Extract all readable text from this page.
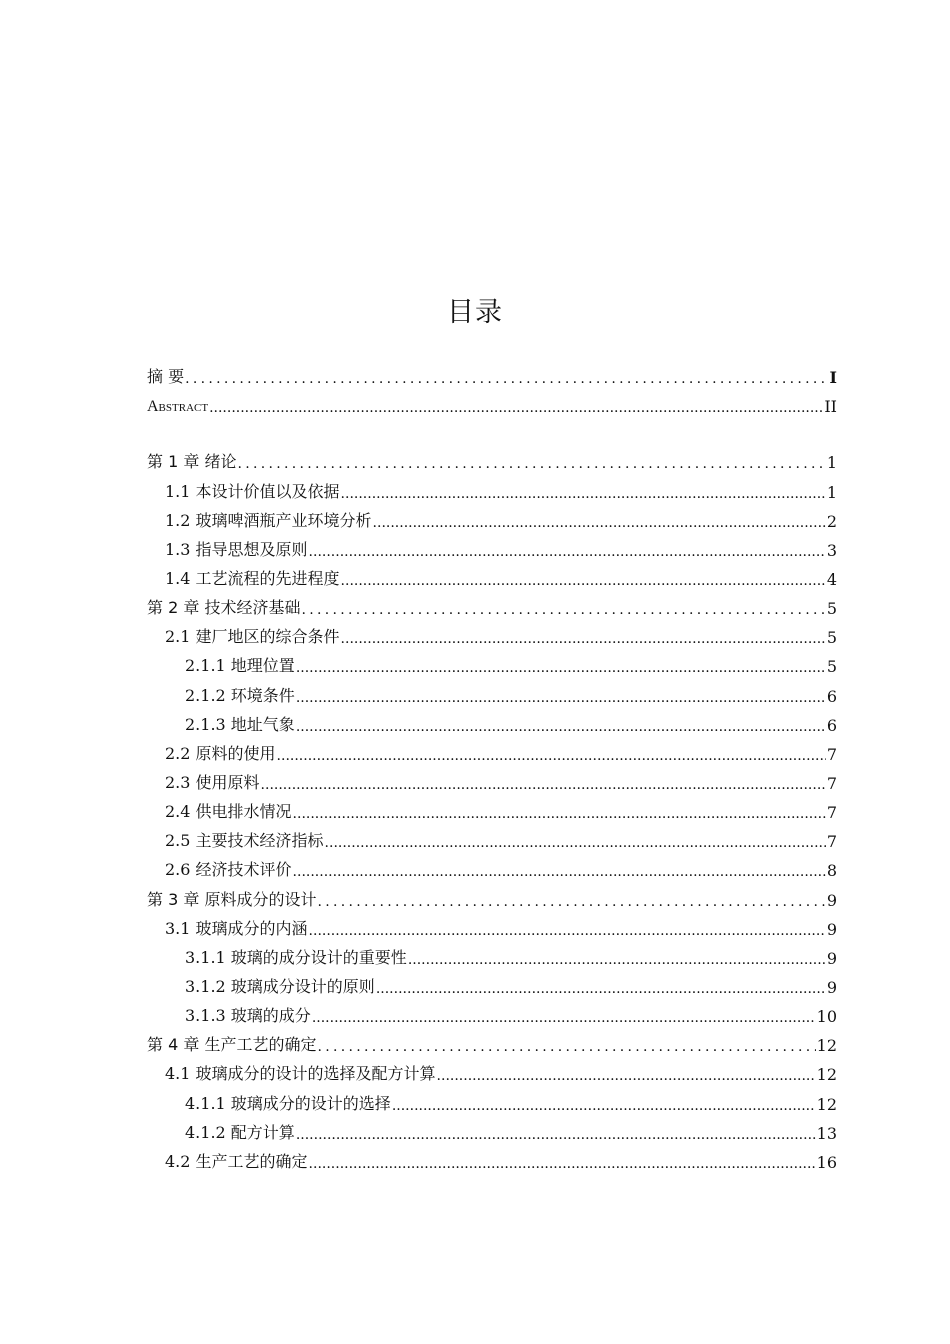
目录
摘 要 .....	I
Abstract .....	II
第 1 章 绪论 .....	1
1.1 本设计价值以及依据 .....	1
1.2 玻璃啤酒瓶产业环境分析 .....	2
1.3 指导思想及原则 .....	3
1.4 工艺流程的先进程度 .....	4
第 2 章 技术经济基础 .....	5
2.1 建厂地区的综合条件 .....	5
2.1.1 地理位置 .....	5
2.1.2 环境条件 .....	6
2.1.3 地址气象 .....	6
2.2 原料的使用 .....	7
2.3 使用原料 .....	7
2.4 供电排水情况 .....	7
2.5 主要技术经济指标 .....	7
2.6 经济技术评价 .....	8
第 3 章 原料成分的设计 .....	9
3.1 玻璃成分的内涵 .....	9
3.1.1 玻璃的成分设计的重要性 .....	9
3.1.2 玻璃成分设计的原则 .....	9
3.1.3 玻璃的成分 .....	10
第 4 章 生产工艺的确定 .....	12
4.1 玻璃成分的设计的选择及配方计算 .....	12
4.1.1 玻璃成分的设计的选择 .....	12
4.1.2 配方计算 .....	13
4.2 生产工艺的确定 .....	16
